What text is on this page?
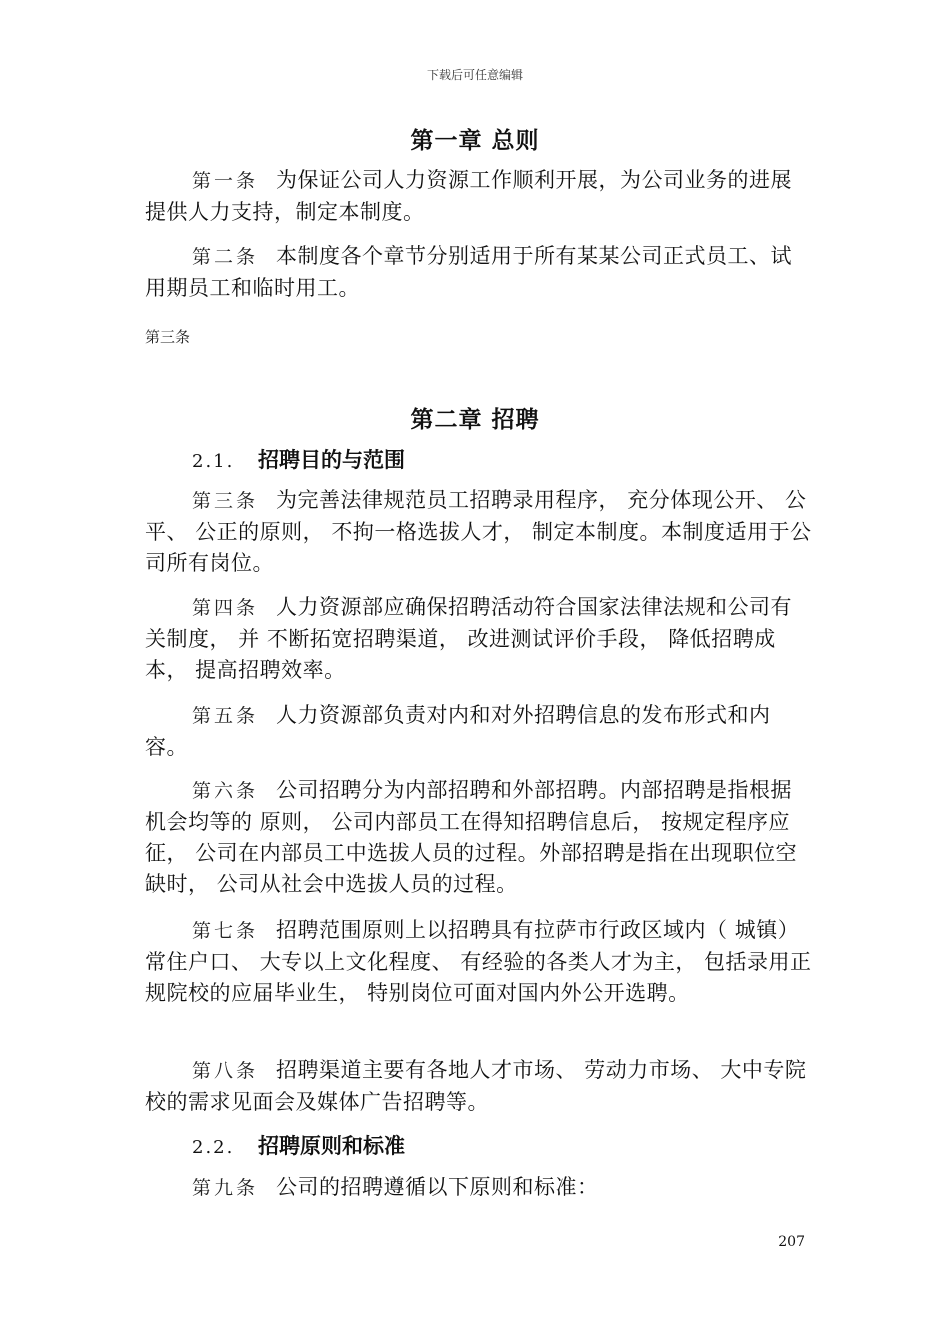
下载后可任意编辑
第一章 总则
第一条 为保证公司人力资源工作顺利开展，为公司业务的进展提供人力支持，制定本制度。
第二条 本制度各个章节分别适用于所有某某公司正式员工、试用期员工和临时用工。
第三条
第二章 招聘
2.1. 招聘目的与范围
第三条 为完善法律规范员工招聘录用程序， 充分体现公开、 公平、 公正的原则， 不拘一格选拔人才， 制定本制度。本制度适用于公司所有岗位。
第四条 人力资源部应确保招聘活动符合国家法律法规和公司有关制度， 并 不断拓宽招聘渠道， 改进测试评价手段， 降低招聘成本， 提高招聘效率。
第五条 人力资源部负责对内和对外招聘信息的发布形式和内容。
第六条 公司招聘分为内部招聘和外部招聘。内部招聘是指根据机会均等的 原则， 公司内部员工在得知招聘信息后， 按规定程序应征， 公司在内部员工中选拔人员的过程。外部招聘是指在出现职位空缺时， 公司从社会中选拔人员的过程。
第七条 招聘范围原则上以招聘具有拉萨市行政区域内（ 城镇） 常住户口、 大专以上文化程度、 有经验的各类人才为主， 包括录用正规院校的应届毕业生， 特别岗位可面对国内外公开选聘。
第八条 招聘渠道主要有各地人才市场、 劳动力市场、 大中专院校的需求见面会及媒体广告招聘等。
2.2. 招聘原则和标准
第九条 公司的招聘遵循以下原则和标准：
207
